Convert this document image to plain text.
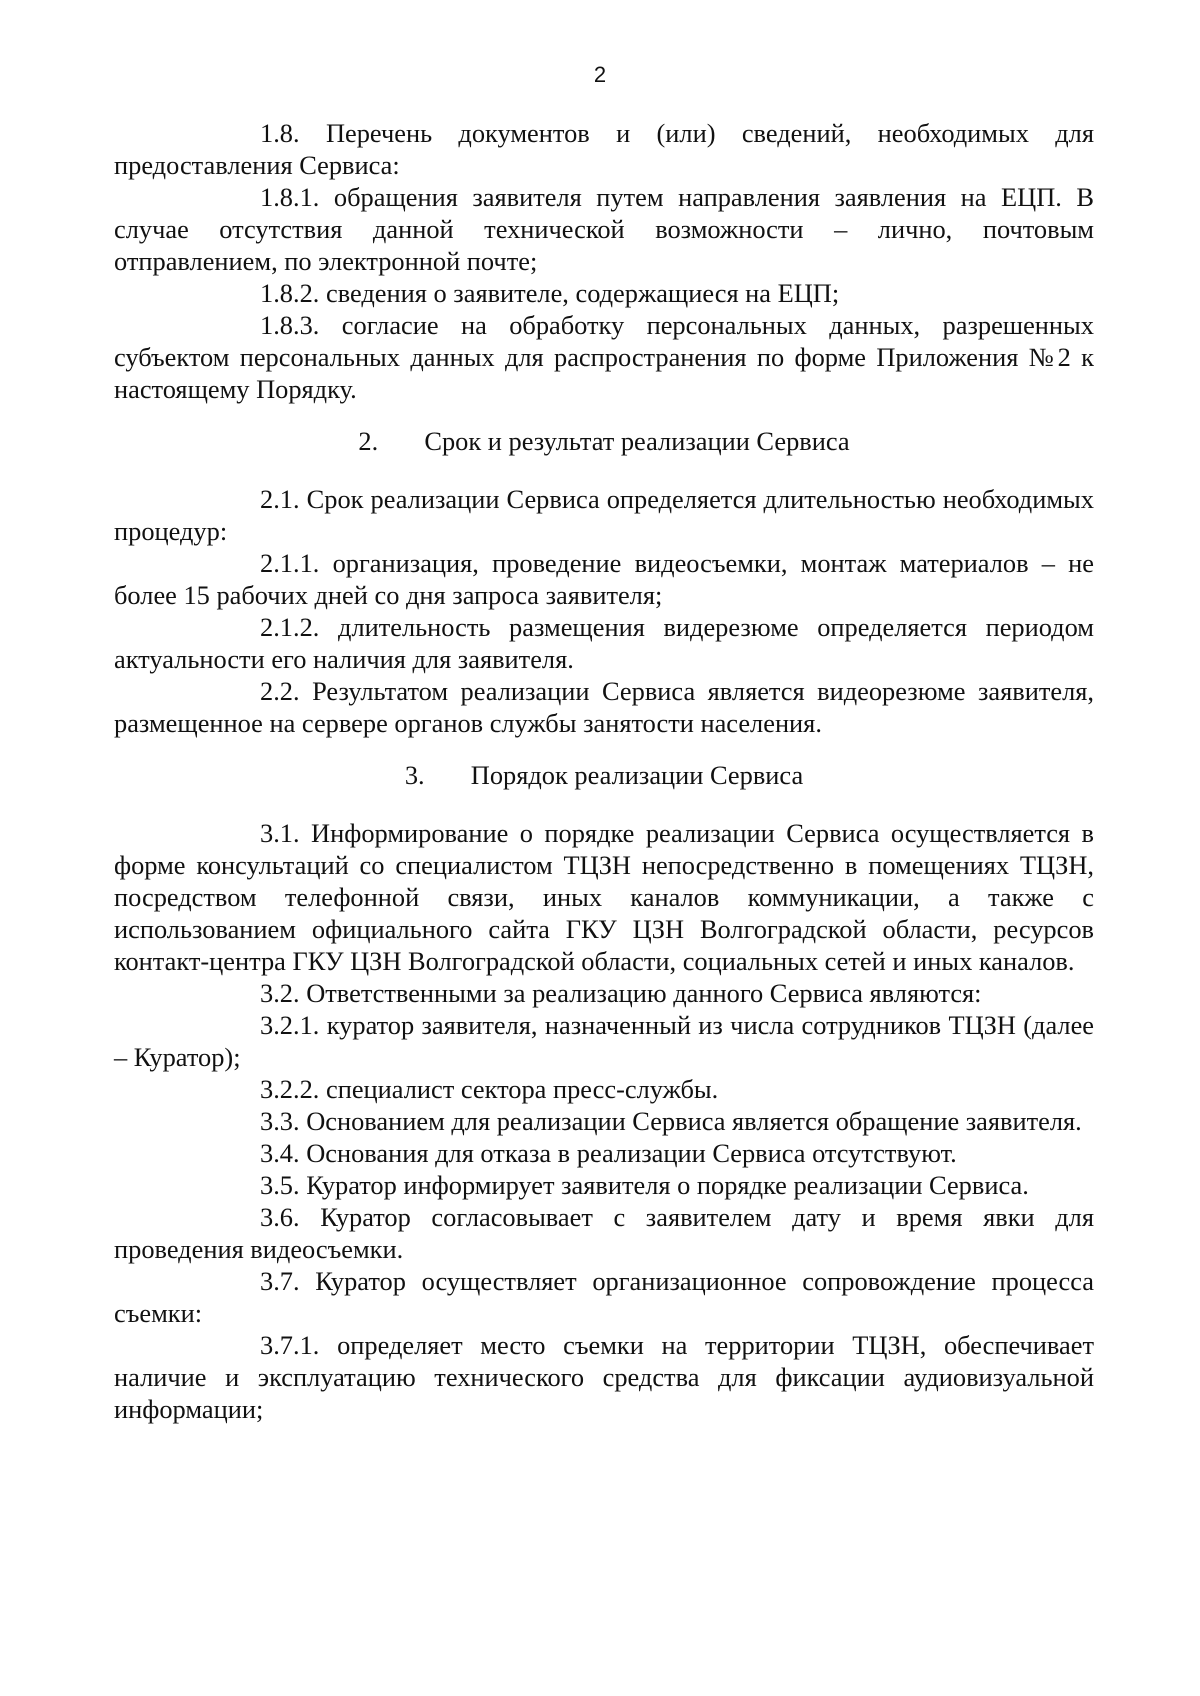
2

1.8. Перечень документов и (или) сведений, необходимых для предоставления Сервиса:

1.8.1. обращения заявителя путем направления заявления на ЕЦП. В случае отсутствия данной технической возможности – лично, почтовым отправлением, по электронной почте;

1.8.2. сведения о заявителе, содержащиеся на ЕЦП;

1.8.3. согласие на обработку персональных данных, разрешенных субъектом персональных данных для распространения по форме Приложения №2 к настоящему Порядку.

2. Срок и результат реализации Сервиса

2.1. Срок реализации Сервиса определяется длительностью необходимых процедур:

2.1.1. организация, проведение видеосъемки, монтаж материалов – не более 15 рабочих дней со дня запроса заявителя;

2.1.2. длительность размещения видерезюме определяется периодом актуальности его наличия для заявителя.

2.2. Результатом реализации Сервиса является видеорезюме заявителя, размещенное на сервере органов службы занятости населения.

3. Порядок реализации Сервиса

3.1. Информирование о порядке реализации Сервиса осуществляется в форме консультаций со специалистом ТЦЗН непосредственно в помещениях ТЦЗН, посредством телефонной связи, иных каналов коммуникации, а также с использованием официального сайта ГКУ ЦЗН Волгоградской области, ресурсов контакт-центра ГКУ ЦЗН Волгоградской области, социальных сетей и иных каналов.

3.2. Ответственными за реализацию данного Сервиса являются:

3.2.1. куратор заявителя, назначенный из числа сотрудников ТЦЗН (далее – Куратор);

3.2.2. специалист сектора пресс-службы.

3.3. Основанием для реализации Сервиса является обращение заявителя.

3.4. Основания для отказа в реализации Сервиса отсутствуют.

3.5. Куратор информирует заявителя о порядке реализации Сервиса.

3.6. Куратор согласовывает с заявителем дату и время явки для проведения видеосъемки.

3.7. Куратор осуществляет организационное сопровождение процесса съемки:

3.7.1. определяет место съемки на территории ТЦЗН, обеспечивает наличие и эксплуатацию технического средства для фиксации аудиовизуальной информации;
